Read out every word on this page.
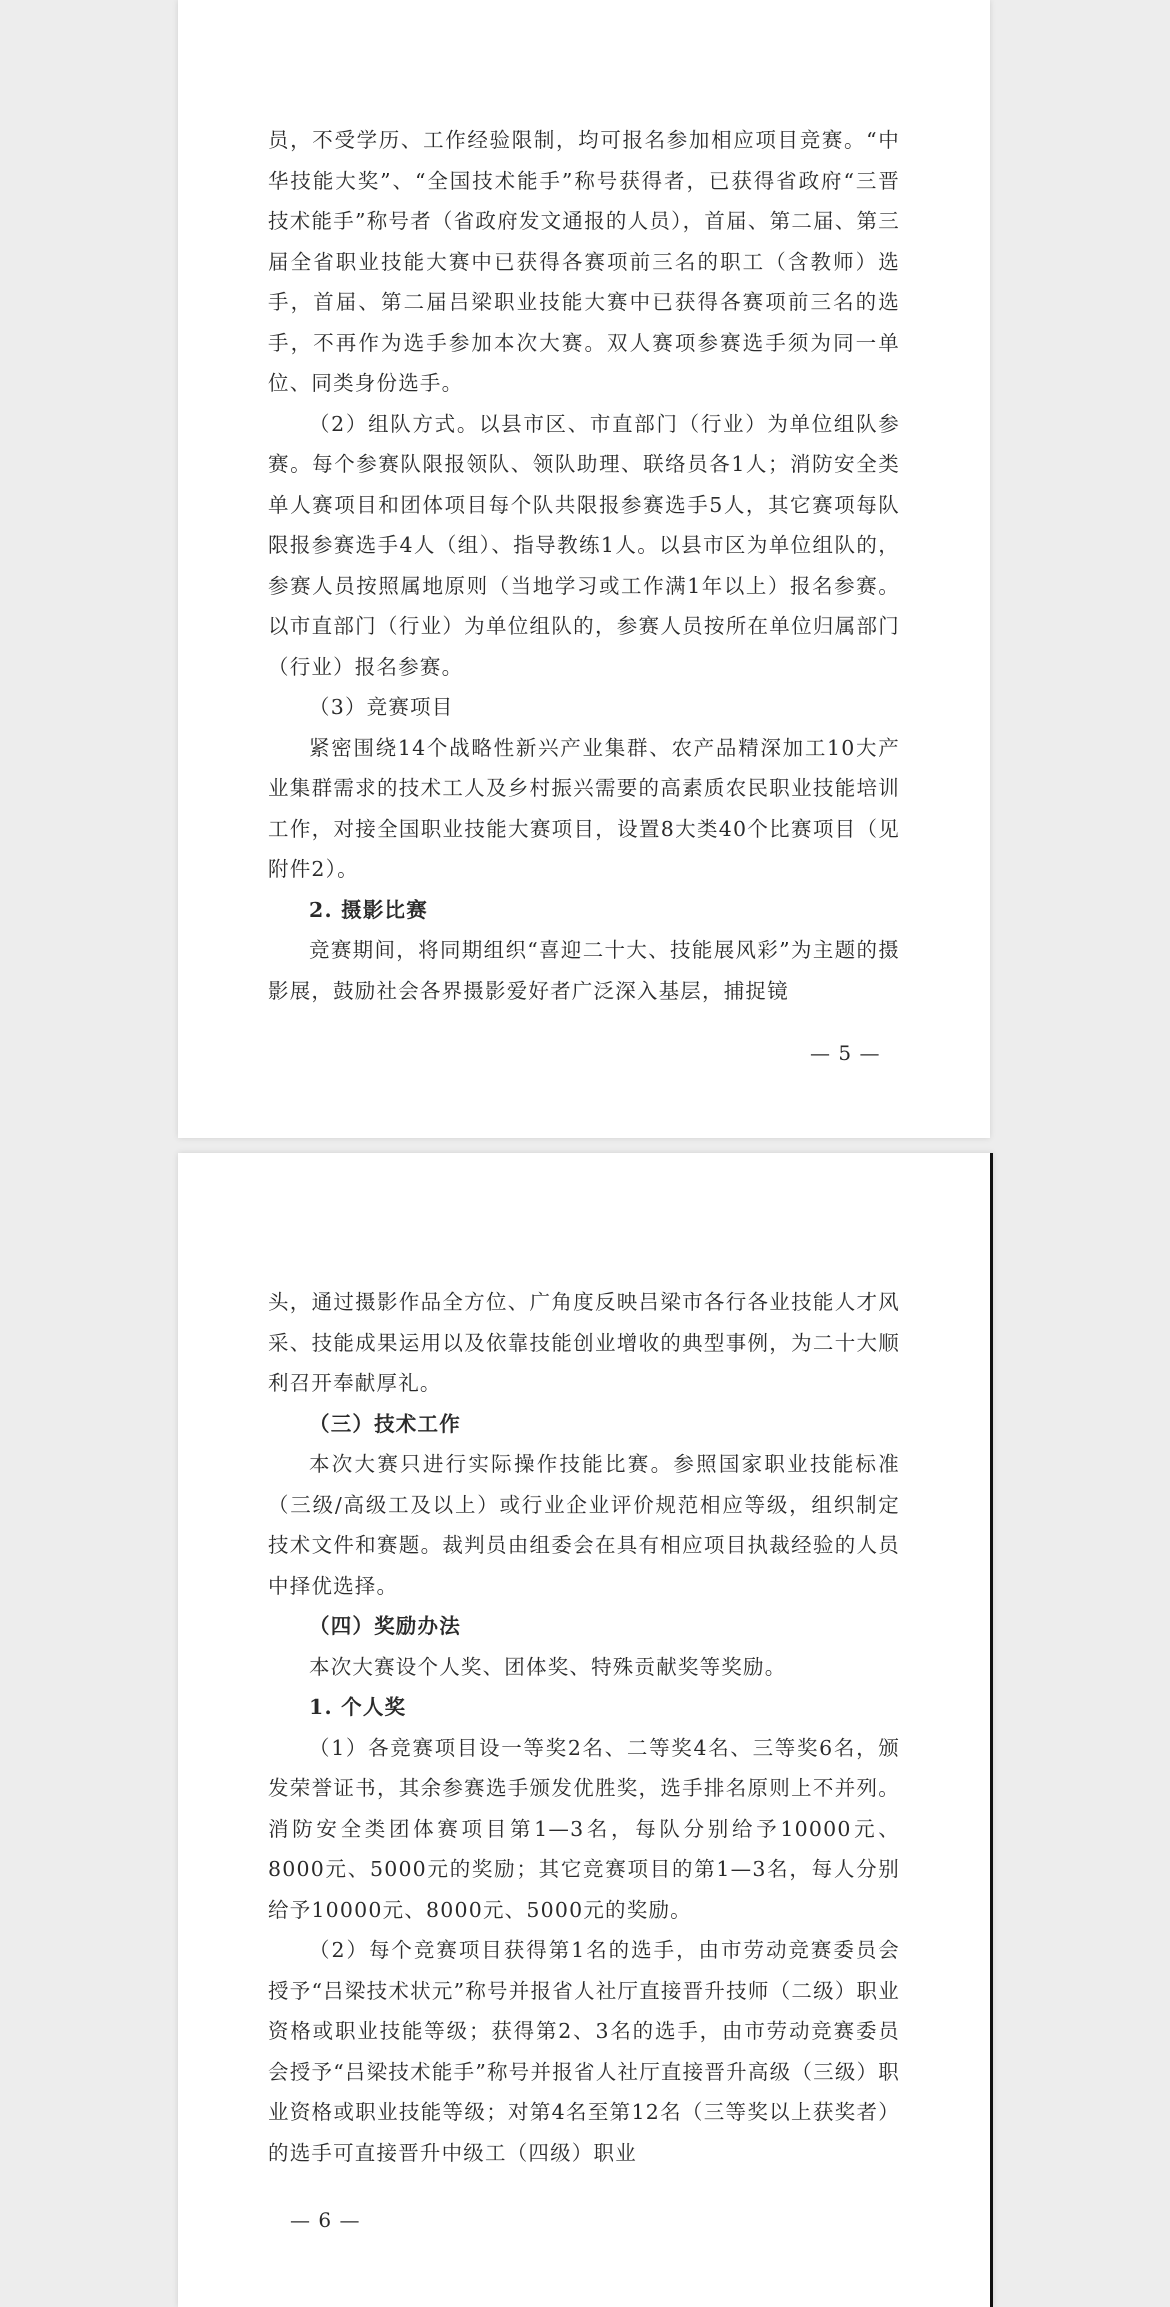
员，不受学历、工作经验限制，均可报名参加相应项目竞赛。“中华技能大奖”、“全国技术能手”称号获得者，已获得省政府“三晋技术能手”称号者（省政府发文通报的人员），首届、第二届、第三届全省职业技能大赛中已获得各赛项前三名的职工（含教师）选手，首届、第二届吕梁职业技能大赛中已获得各赛项前三名的选手，不再作为选手参加本次大赛。双人赛项参赛选手须为同一单位、同类身份选手。

（2）组队方式。以县市区、市直部门（行业）为单位组队参赛。每个参赛队限报领队、领队助理、联络员各1人；消防安全类单人赛项目和团体项目每个队共限报参赛选手5人，其它赛项每队限报参赛选手4人（组）、指导教练1人。以县市区为单位组队的，参赛人员按照属地原则（当地学习或工作满1年以上）报名参赛。以市直部门（行业）为单位组队的，参赛人员按所在单位归属部门（行业）报名参赛。

（3）竞赛项目

紧密围绕14个战略性新兴产业集群、农产品精深加工10大产业集群需求的技术工人及乡村振兴需要的高素质农民职业技能培训工作，对接全国职业技能大赛项目，设置8大类40个比赛项目（见附件2）。

2. 摄影比赛

竞赛期间，将同期组织“喜迎二十大、技能展风彩”为主题的摄影展，鼓励社会各界摄影爱好者广泛深入基层，捕捉镜

— 5 —

头，通过摄影作品全方位、广角度反映吕梁市各行各业技能人才风采、技能成果运用以及依靠技能创业增收的典型事例，为二十大顺利召开奉献厚礼。

（三）技术工作

本次大赛只进行实际操作技能比赛。参照国家职业技能标准（三级/高级工及以上）或行业企业评价规范相应等级，组织制定技术文件和赛题。裁判员由组委会在具有相应项目执裁经验的人员中择优选择。

（四）奖励办法

本次大赛设个人奖、团体奖、特殊贡献奖等奖励。

1. 个人奖

（1）各竞赛项目设一等奖2名、二等奖4名、三等奖6名，颁发荣誉证书，其余参赛选手颁发优胜奖，选手排名原则上不并列。消防安全类团体赛项目第1—3名，每队分别给予10000元、8000元、5000元的奖励；其它竞赛项目的第1—3名，每人分别给予10000元、8000元、5000元的奖励。

（2）每个竞赛项目获得第1名的选手，由市劳动竞赛委员会授予“吕梁技术状元”称号并报省人社厅直接晋升技师（二级）职业资格或职业技能等级；获得第2、3名的选手，由市劳动竞赛委员会授予“吕梁技术能手”称号并报省人社厅直接晋升高级（三级）职业资格或职业技能等级；对第4名至第12名（三等奖以上获奖者）的选手可直接晋升中级工（四级）职业

— 6 —
